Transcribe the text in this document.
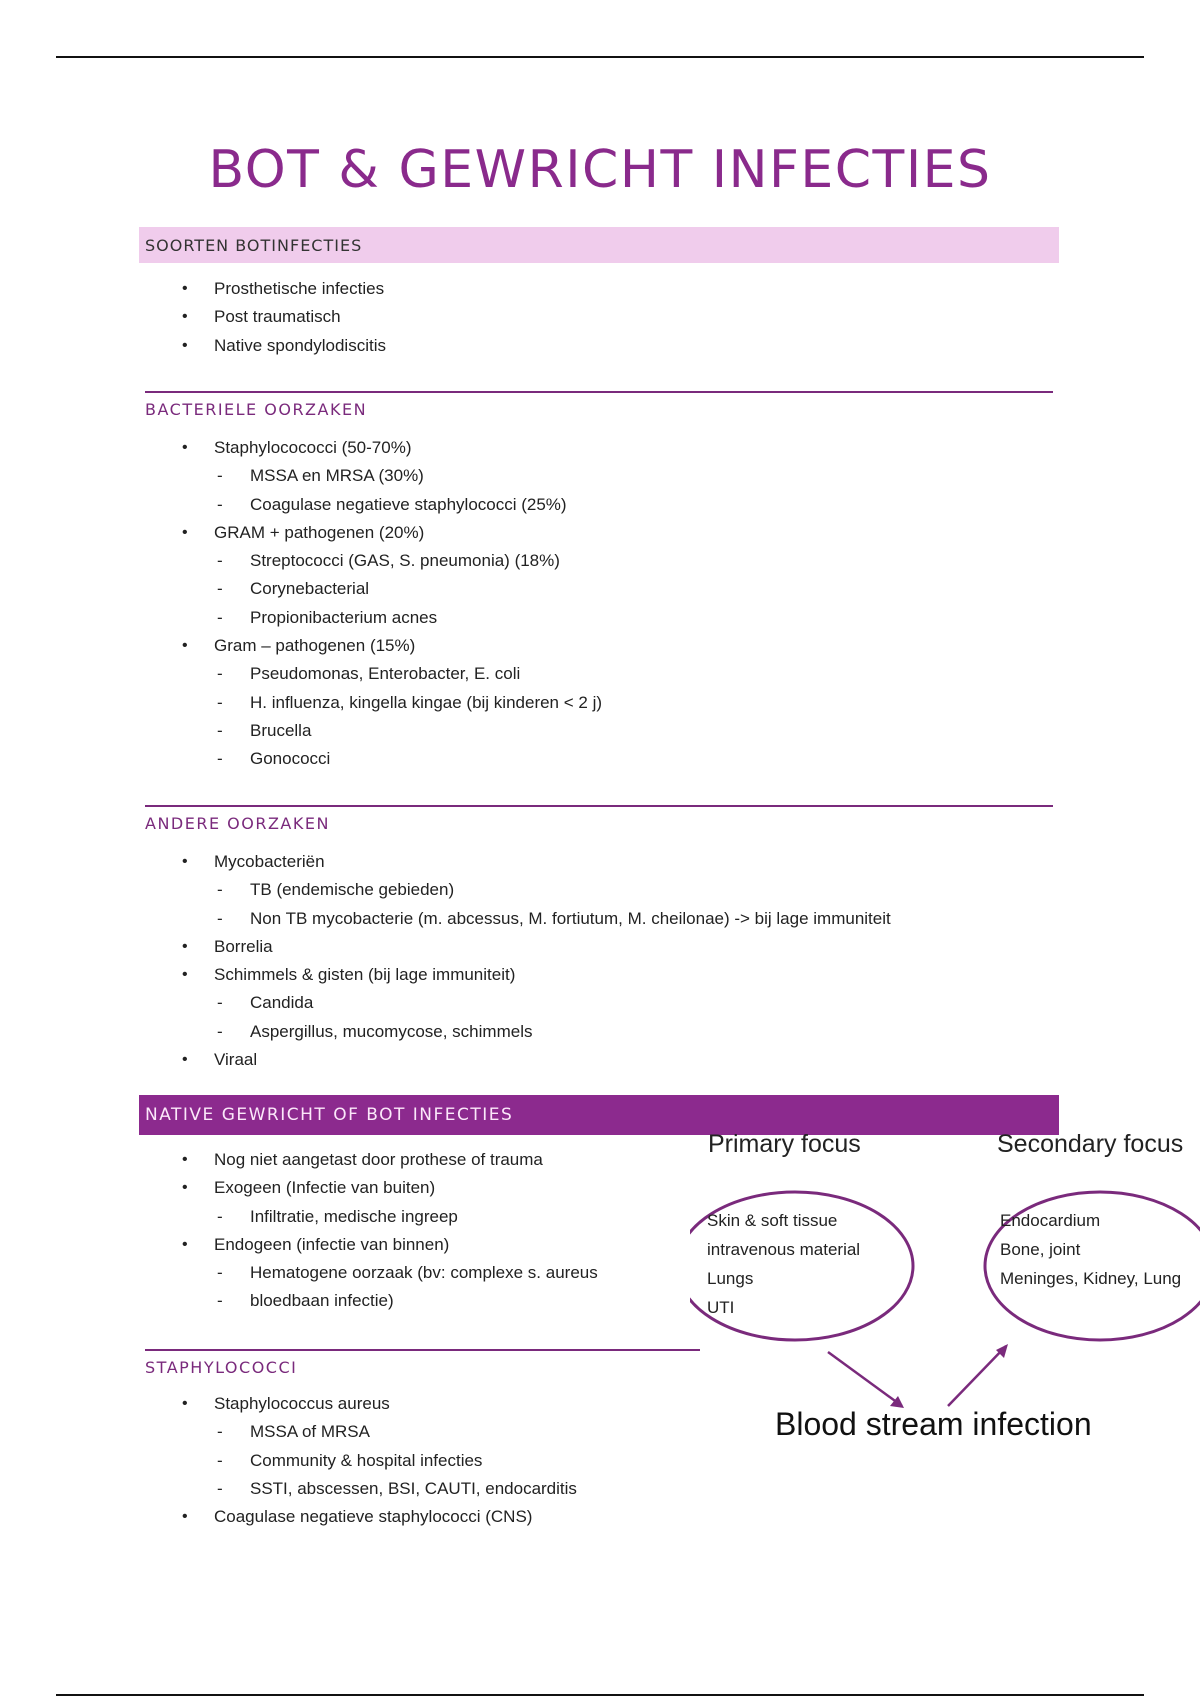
BOT & GEWRICHT INFECTIES
SOORTEN BOTINFECTIES
• Prosthetische infecties
• Post traumatisch
• Native spondylodiscitis
BACTERIELE OORZAKEN
• Staphylocococci (50-70%)
- MSSA en MRSA (30%)
- Coagulase negatieve staphylococci (25%)
• GRAM + pathogenen (20%)
- Streptococci (GAS, S. pneumonia) (18%)
- Corynebacterial
- Propionibacterium acnes
• Gram – pathogenen (15%)
- Pseudomonas, Enterobacter, E. coli
- H. influenza, kingella kingae (bij kinderen < 2 j)
- Brucella
- Gonococci
ANDERE OORZAKEN
• Mycobacteriën
- TB (endemische gebieden)
- Non TB mycobacterie (m. abcessus, M. fortiutum, M. cheilonae) -> bij lage immuniteit
• Borrelia
• Schimmels & gisten (bij lage immuniteit)
- Candida
- Aspergillus, mucomycose, schimmels
• Viraal
NATIVE GEWRICHT OF BOT INFECTIES
• Nog niet aangetast door prothese of trauma
• Exogeen (Infectie van buiten)
- Infiltratie, medische ingreep
• Endogeen (infectie van binnen)
- Hematogene oorzaak (bv: complexe s. aureus
- bloedbaan infectie)
STAPHYLOCOCCI
• Staphylococcus aureus
- MSSA of MRSA
- Community & hospital infecties
- SSTI, abscessen, BSI, CAUTI, endocarditis
• Coagulase negatieve staphylococci (CNS)
Primary focus	Secondary focus
Skin & soft tissue
intravenous material
Lungs
UTI
Endocardium
Bone, joint
Meninges, Kidney, Lung
Blood stream infection
